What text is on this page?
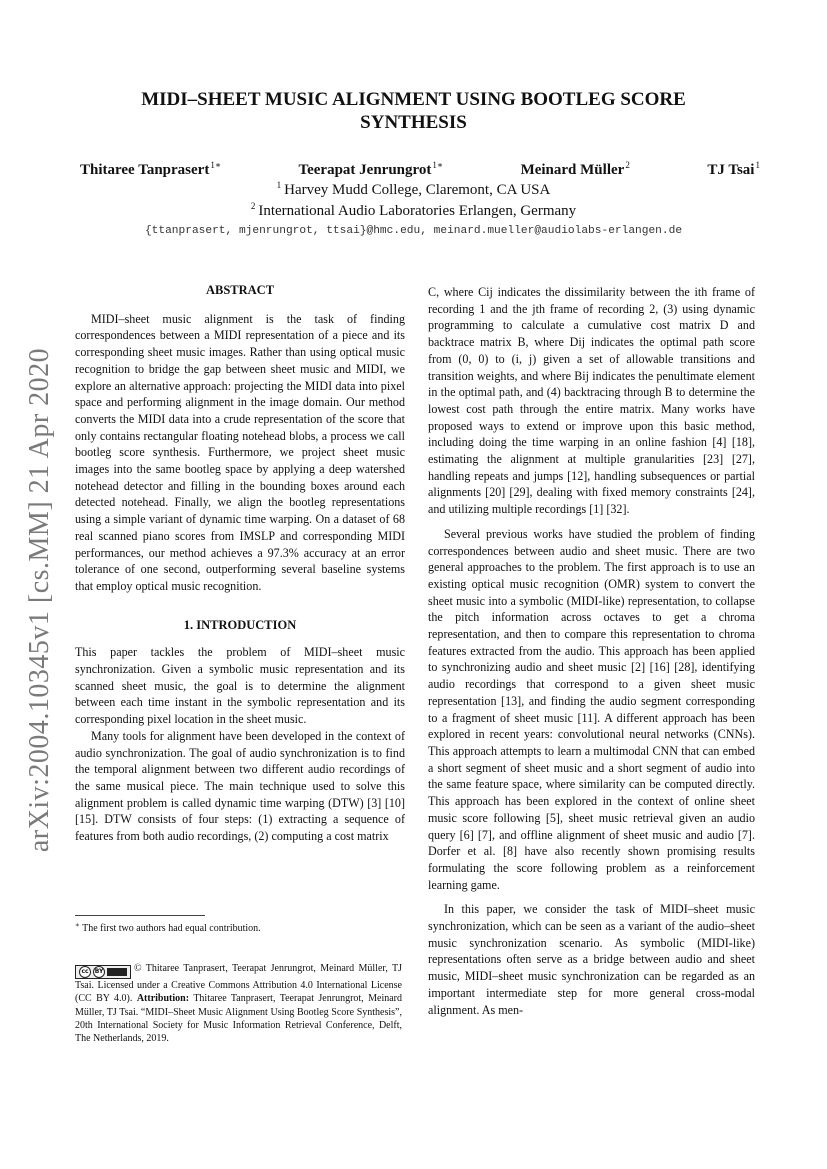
arXiv:2004.10345v1 [cs.MM] 21 Apr 2020
MIDI–SHEET MUSIC ALIGNMENT USING BOOTLEG SCORE SYNTHESIS
Thitaree Tanprasert$^{1∗}$	Teerapat Jenrungrot$^{1∗}$	Meinard Müller$^2$	TJ Tsai$^1$
$^1$ Harvey Mudd College, Claremont, CA USA
$^2$ International Audio Laboratories Erlangen, Germany
{ttanprasert, mjenrungrot, ttsai}@hmc.edu, meinard.mueller@audiolabs-erlangen.de

ABSTRACT

MIDI–sheet music alignment is the task of finding correspondences between a MIDI representation of a piece and its corresponding sheet music images. Rather than using optical music recognition to bridge the gap between sheet music and MIDI, we explore an alternative approach: projecting the MIDI data into pixel space and performing alignment in the image domain. Our method converts the MIDI data into a crude representation of the score that only contains rectangular floating notehead blobs, a process we call bootleg score synthesis. Furthermore, we project sheet music images into the same bootleg space by applying a deep watershed notehead detector and filling in the bounding boxes around each detected notehead. Finally, we align the bootleg representations using a simple variant of dynamic time warping. On a dataset of 68 real scanned piano scores from IMSLP and corresponding MIDI performances, our method achieves a 97.3% accuracy at an error tolerance of one second, outperforming several baseline systems that employ optical music recognition.

1. INTRODUCTION

This paper tackles the problem of MIDI–sheet music synchronization. Given a symbolic music representation and its scanned sheet music, the goal is to determine the alignment between each time instant in the symbolic representation and its corresponding pixel location in the sheet music.

Many tools for alignment have been developed in the context of audio synchronization. The goal of audio synchronization is to find the temporal alignment between two different audio recordings of the same musical piece. The main technique used to solve this alignment problem is called dynamic time warping (DTW) [3] [10] [15]. DTW consists of four steps: (1) extracting a sequence of features from both audio recordings, (2) computing a cost matrix

∗ The first two authors had equal contribution.
cc	BY	© Thitaree Tanprasert, Teerapat Jenrungrot, Meinard Müller, TJ Tsai. Licensed under a Creative Commons Attribution 4.0 International License (CC BY 4.0). Attribution: Thitaree Tanprasert, Teerapat Jenrungrot, Meinard Müller, TJ Tsai. “MIDI–Sheet Music Alignment Using Bootleg Score Synthesis”, 20th International Society for Music Information Retrieval Conference, Delft, The Netherlands, 2019.

C, where Cij indicates the dissimilarity between the ith frame of recording 1 and the jth frame of recording 2, (3) using dynamic programming to calculate a cumulative cost matrix D and backtrace matrix B, where Dij indicates the optimal path score from (0, 0) to (i, j) given a set of allowable transitions and transition weights, and where Bij indicates the penultimate element in the optimal path, and (4) backtracing through B to determine the lowest cost path through the entire matrix. Many works have proposed ways to extend or improve upon this basic method, including doing the time warping in an online fashion [4] [18], estimating the alignment at multiple granularities [23] [27], handling repeats and jumps [12], handling subsequences or partial alignments [20] [29], dealing with fixed memory constraints [24], and utilizing multiple recordings [1] [32].

Several previous works have studied the problem of finding correspondences between audio and sheet music. There are two general approaches to the problem. The first approach is to use an existing optical music recognition (OMR) system to convert the sheet music into a symbolic (MIDI-like) representation, to collapse the pitch information across octaves to get a chroma representation, and then to compare this representation to chroma features extracted from the audio. This approach has been applied to synchronizing audio and sheet music [2] [16] [28], identifying audio recordings that correspond to a given sheet music representation [13], and finding the audio segment corresponding to a fragment of sheet music [11]. A different approach has been explored in recent years: convolutional neural networks (CNNs). This approach attempts to learn a multimodal CNN that can embed a short segment of sheet music and a short segment of audio into the same feature space, where similarity can be computed directly. This approach has been explored in the context of online sheet music score following [5], sheet music retrieval given an audio query [6] [7], and offline alignment of sheet music and audio [7]. Dorfer et al. [8] have also recently shown promising results formulating the score following problem as a reinforcement learning game.

In this paper, we consider the task of MIDI–sheet music synchronization, which can be seen as a variant of the audio–sheet music synchronization scenario. As symbolic (MIDI-like) representations often serve as a bridge between audio and sheet music, MIDI–sheet music synchronization can be regarded as an important intermediate step for more general cross-modal alignment. As men-
